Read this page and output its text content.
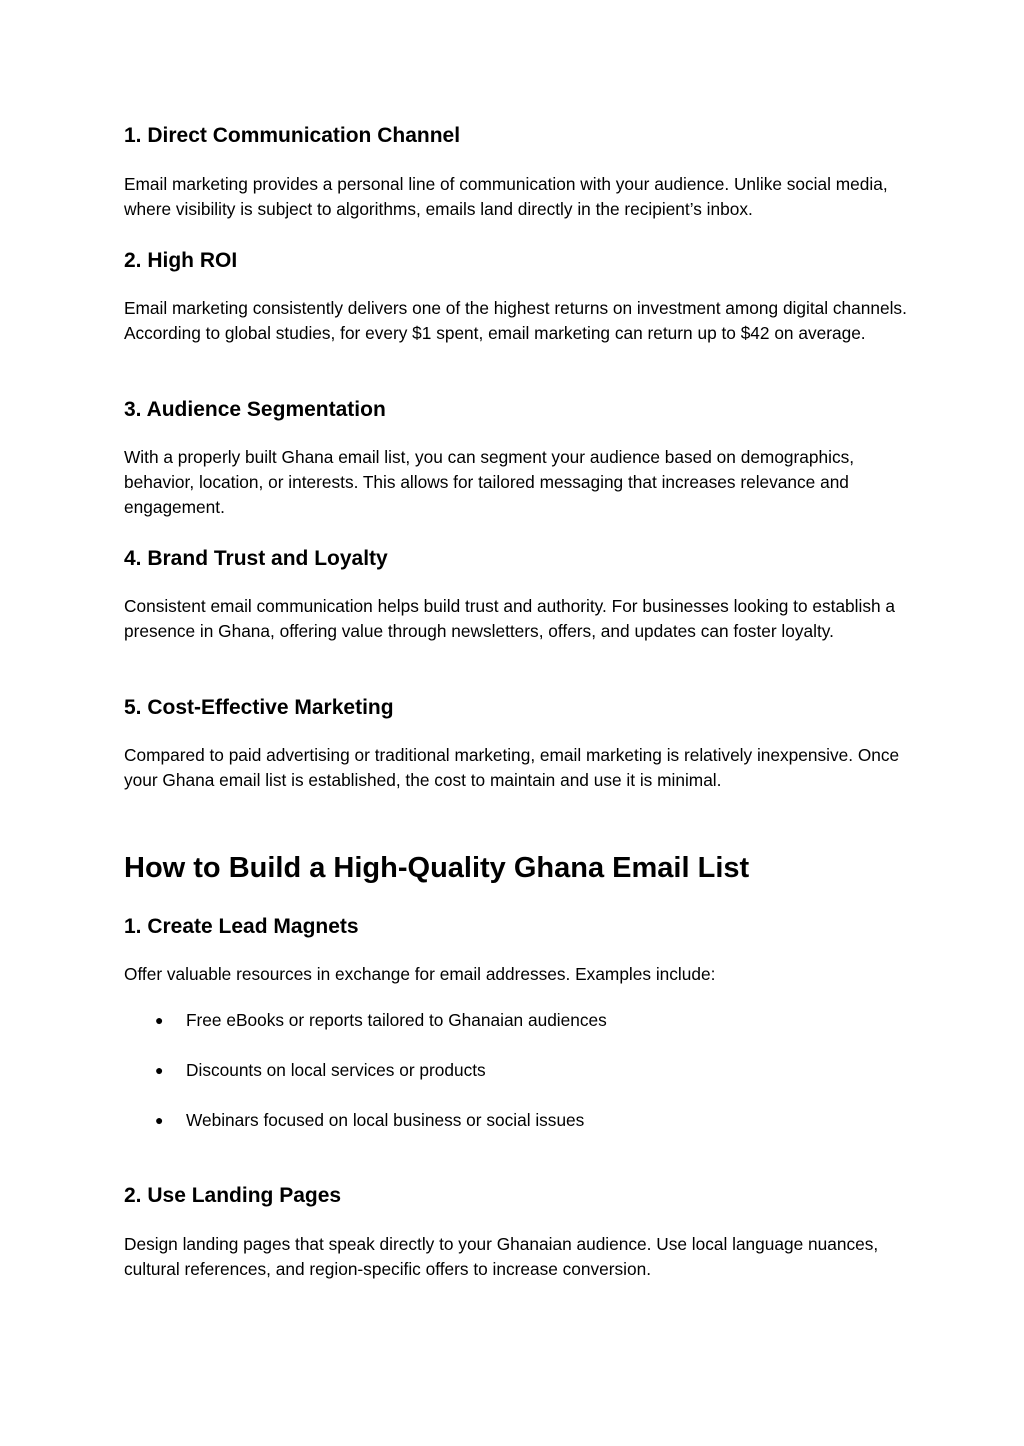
1. Direct Communication Channel

Email marketing provides a personal line of communication with your audience. Unlike social media, where visibility is subject to algorithms, emails land directly in the recipient’s inbox.

2. High ROI

Email marketing consistently delivers one of the highest returns on investment among digital channels. According to global studies, for every $1 spent, email marketing can return up to $42 on average.

3. Audience Segmentation

With a properly built Ghana email list, you can segment your audience based on demographics, behavior, location, or interests. This allows for tailored messaging that increases relevance and engagement.

4. Brand Trust and Loyalty

Consistent email communication helps build trust and authority. For businesses looking to establish a presence in Ghana, offering value through newsletters, offers, and updates can foster loyalty.

5. Cost-Effective Marketing

Compared to paid advertising or traditional marketing, email marketing is relatively inexpensive. Once your Ghana email list is established, the cost to maintain and use it is minimal.

How to Build a High-Quality Ghana Email List
1. Create Lead Magnets

Offer valuable resources in exchange for email addresses. Examples include:

● Free eBooks or reports tailored to Ghanaian audiences
● Discounts on local services or products
● Webinars focused on local business or social issues
2. Use Landing Pages

Design landing pages that speak directly to your Ghanaian audience. Use local language nuances, cultural references, and region-specific offers to increase conversion.
